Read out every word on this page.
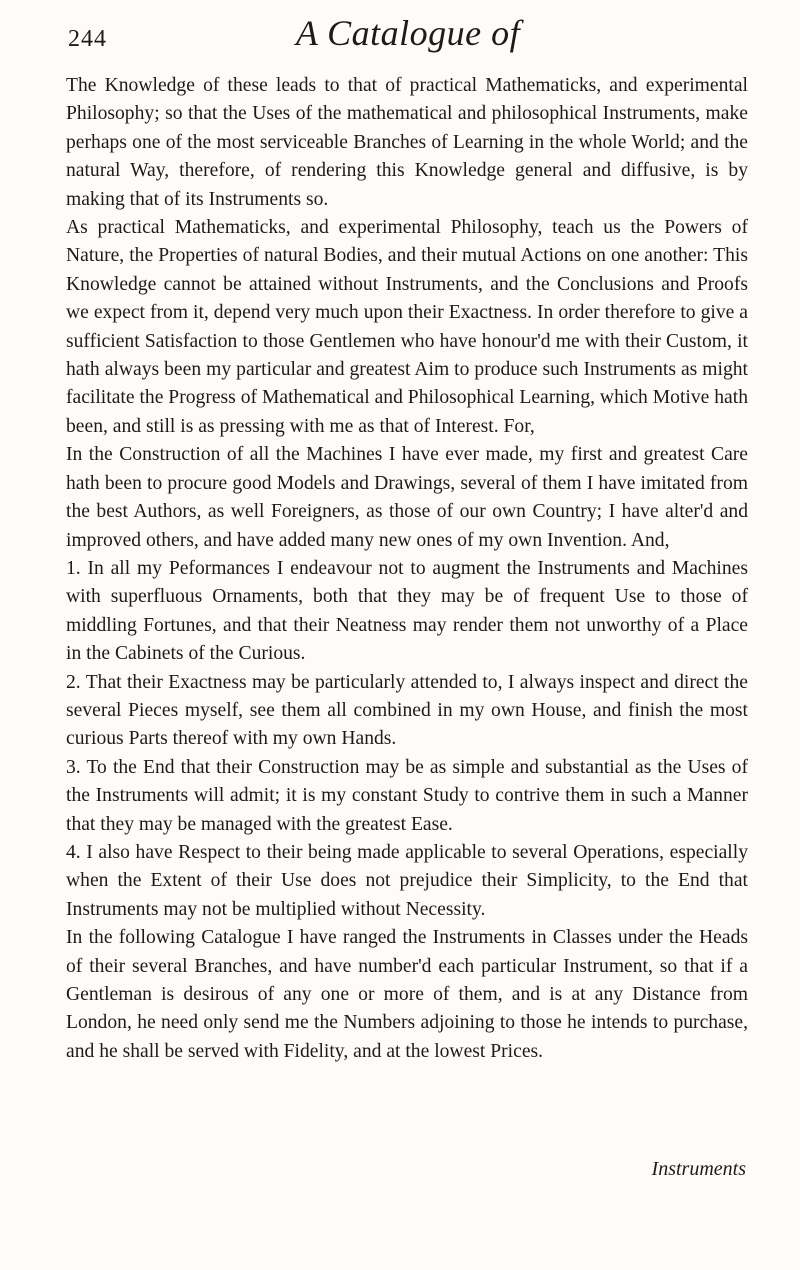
244	A Catalogue of

The Knowledge of these leads to that of practical Mathematicks, and experimental Philosophy; so that the Uses of the mathematical and philosophical Instruments, make perhaps one of the most serviceable Branches of Learning in the whole World; and the natural Way, therefore, of rendering this Knowledge general and diffusive, is by making that of its Instruments so.

As practical Mathematicks, and experimental Philosophy, teach us the Powers of Nature, the Properties of natural Bodies, and their mutual Actions on one another: This Knowledge cannot be attained without Instruments, and the Conclusions and Proofs we expect from it, depend very much upon their Exactness. In order therefore to give a sufficient Satisfaction to those Gentlemen who have honour'd me with their Custom, it hath always been my particular and greatest Aim to produce such Instruments as might facilitate the Progress of Mathematical and Philosophical Learning, which Motive hath been, and still is as pressing with me as that of Interest. For,

In the Construction of all the Machines I have ever made, my first and greatest Care hath been to procure good Models and Drawings, several of them I have imitated from the best Authors, as well Foreigners, as those of our own Country; I have alter'd and improved others, and have added many new ones of my own Invention. And,

1. In all my Peformances I endeavour not to augment the Instruments and Machines with superfluous Ornaments, both that they may be of frequent Use to those of middling Fortunes, and that their Neatness may render them not unworthy of a Place in the Cabinets of the Curious.

2. That their Exactness may be particularly attended to, I always inspect and direct the several Pieces myself, see them all combined in my own House, and finish the most curious Parts thereof with my own Hands.

3. To the End that their Construction may be as simple and substantial as the Uses of the Instruments will admit; it is my constant Study to contrive them in such a Manner that they may be managed with the greatest Ease.

4. I also have Respect to their being made applicable to several Operations, especially when the Extent of their Use does not prejudice their Simplicity, to the End that Instruments may not be multiplied without Necessity.

In the following Catalogue I have ranged the Instruments in Classes under the Heads of their several Branches, and have number'd each particular Instrument, so that if a Gentleman is desirous of any one or more of them, and is at any Distance from London, he need only send me the Numbers adjoining to those he intends to purchase, and he shall be served with Fidelity, and at the lowest Prices.

Instruments
